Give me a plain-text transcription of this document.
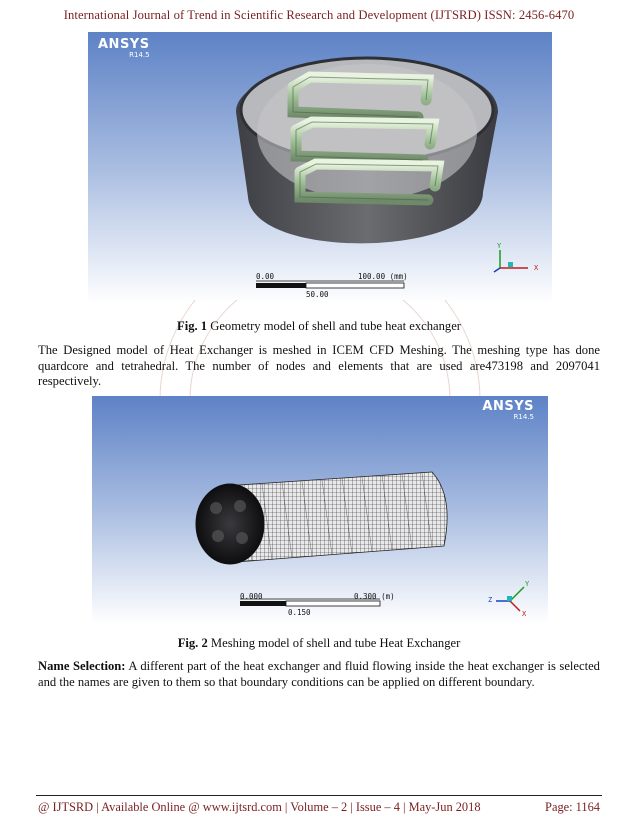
International Journal of Trend in Scientific Research and Development (IJTSRD) ISSN: 2456-6470
ANSYS
R14.5
0.00	100.00 (mm)
50.00
Y
X
Fig. 1 Geometry model of shell and tube heat exchanger
The Designed model of Heat Exchanger is meshed in ICEM CFD Meshing. The meshing type has done quardcore and tetrahedral. The number of nodes and elements that are used are473198 and 2097041 respectively.
ANSYS
R14.5
0.000	0.300 (m)
0.150
Y
X
Z
Fig. 2 Meshing model of shell and tube Heat Exchanger
Name Selection: A different part of the heat exchanger and fluid flowing inside the heat exchanger is selected and the names are given to them so that boundary conditions can be applied on different boundary.
@ IJTSRD | Available Online @ www.ijtsrd.com | Volume – 2 | Issue – 4 | May-Jun 2018	Page: 1164
